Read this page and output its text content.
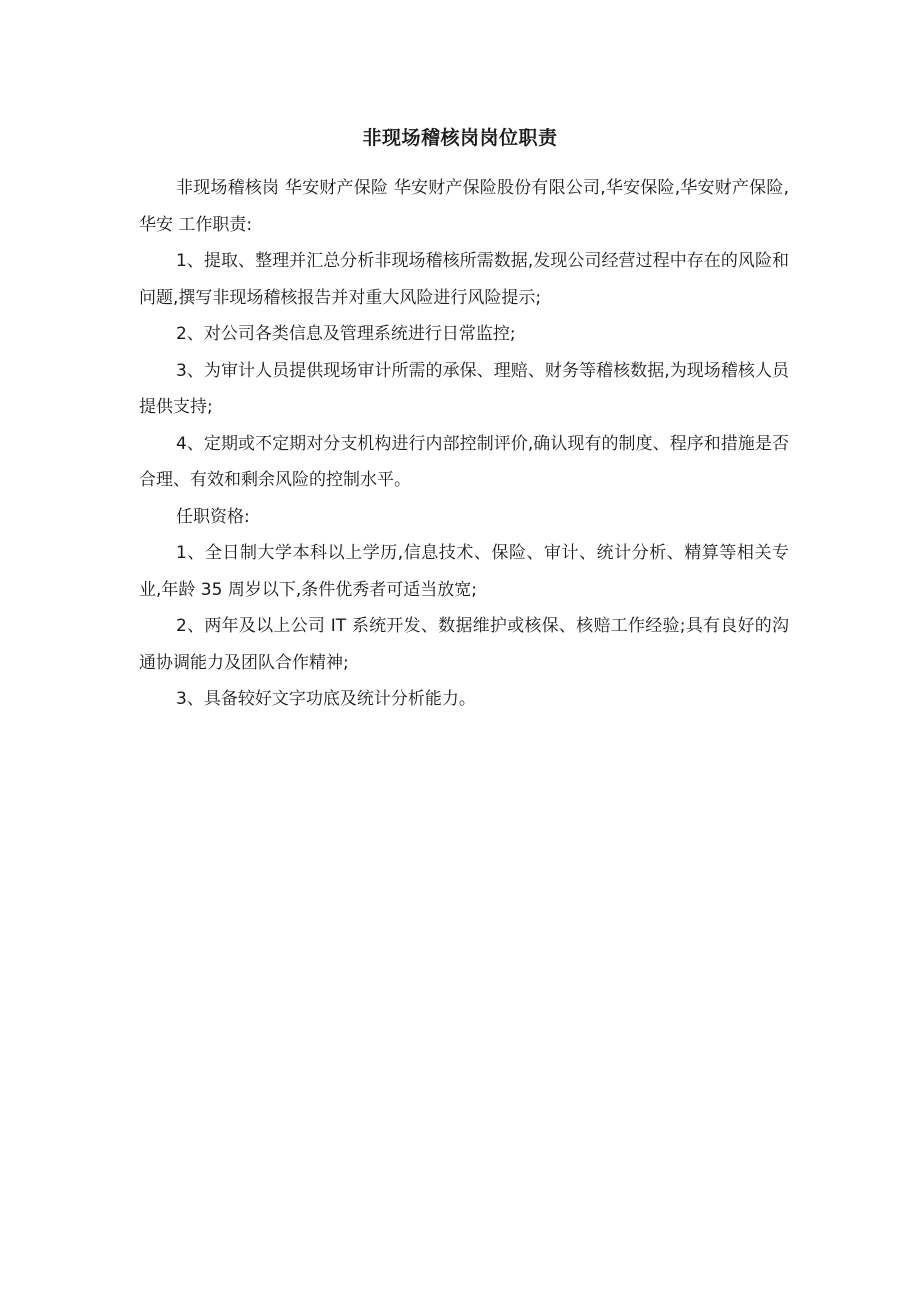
非现场稽核岗岗位职责

非现场稽核岗 华安财产保险 华安财产保险股份有限公司,华安保险,华安财产保险,华安 工作职责:

1、提取、整理并汇总分析非现场稽核所需数据,发现公司经营过程中存在的风险和问题,撰写非现场稽核报告并对重大风险进行风险提示;

2、对公司各类信息及管理系统进行日常监控;

3、为审计人员提供现场审计所需的承保、理赔、财务等稽核数据,为现场稽核人员提供支持;

4、定期或不定期对分支机构进行内部控制评价,确认现有的制度、程序和措施是否合理、有效和剩余风险的控制水平。

任职资格:

1、全日制大学本科以上学历,信息技术、保险、审计、统计分析、精算等相关专业,年龄 35 周岁以下,条件优秀者可适当放宽;

2、两年及以上公司 IT 系统开发、数据维护或核保、核赔工作经验;具有良好的沟通协调能力及团队合作精神;

3、具备较好文字功底及统计分析能力。
